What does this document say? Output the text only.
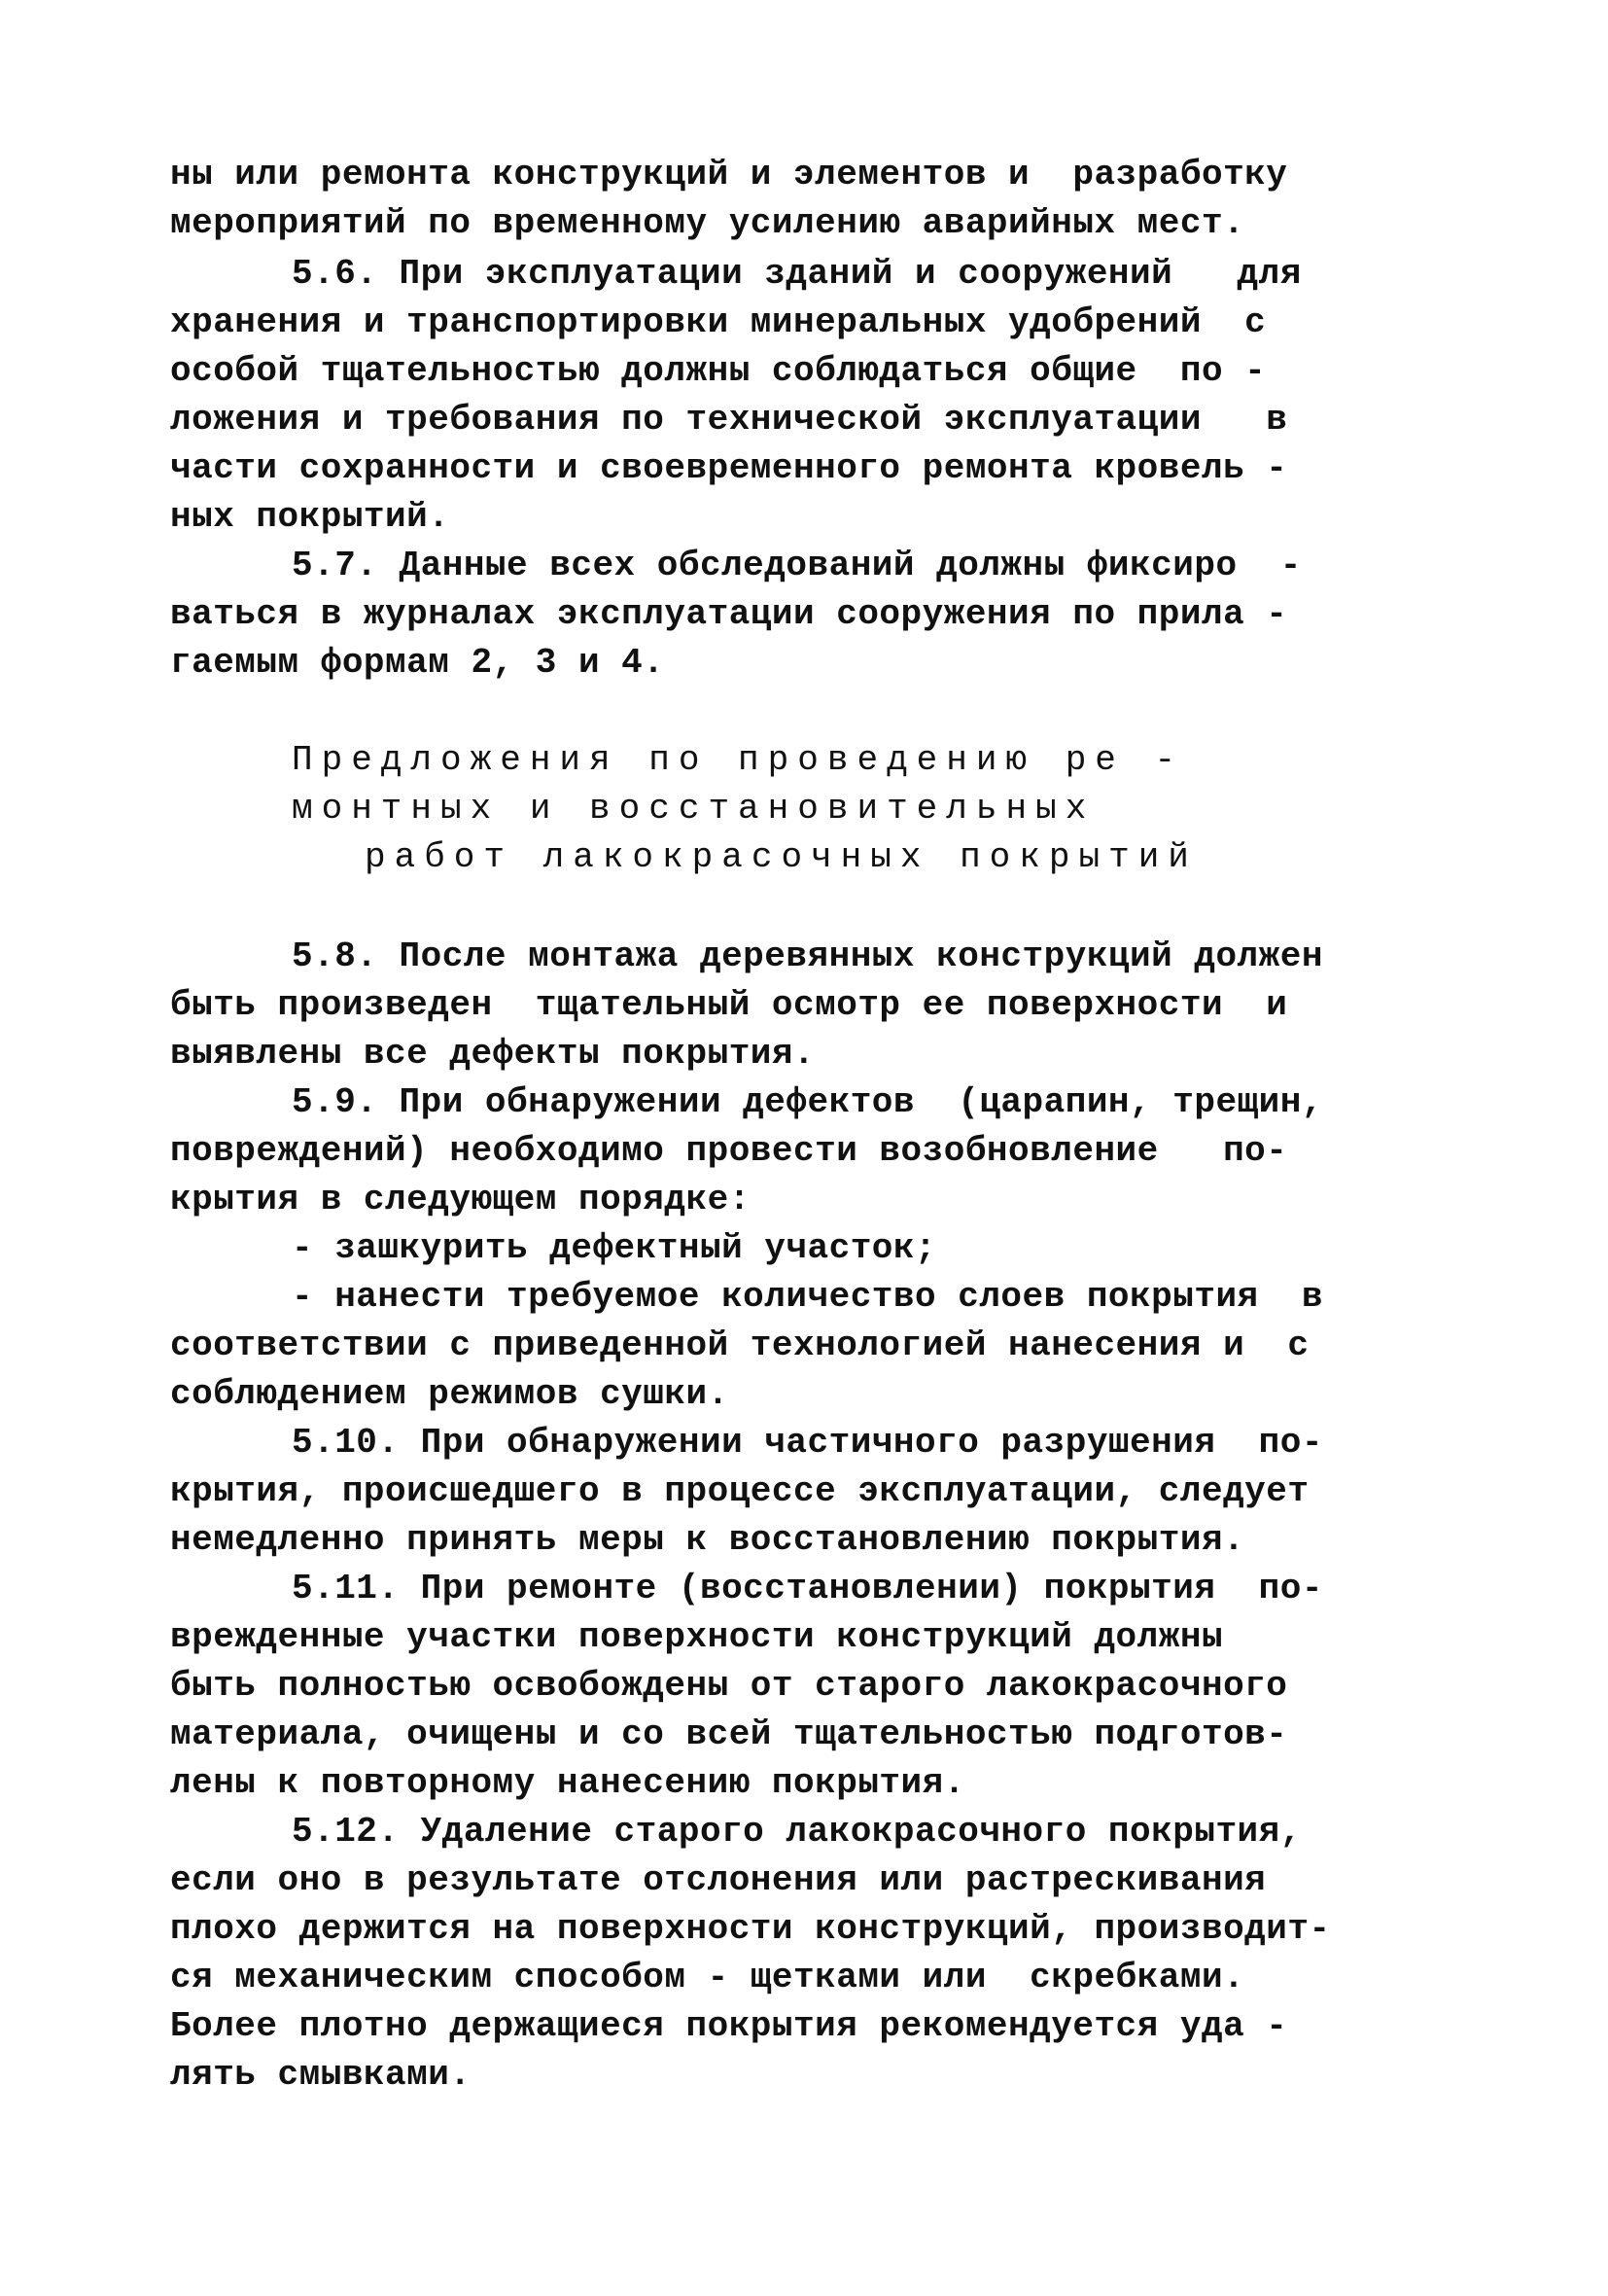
ны или ремонта конструкций и элементов и  разработку
мероприятий по временному усилению аварийных мест.
5.6. При эксплуатации зданий и сооружений   для
хранения и транспортировки минеральных удобрений  с
особой тщательностью должны соблюдаться общие  по -
ложения и требования по технической эксплуатации   в
части сохранности и своевременного ремонта кровель -
ных покрытий.
5.7. Данные всех обследований должны фиксиро  -
ваться в журналах эксплуатации сооружения по прила -
гаемым формам 2, 3 и 4.
Предложения по проведению ре -
монтных и восстановительных
работ лакокрасочных покрытий
5.8. После монтажа деревянных конструкций должен
быть произведен  тщательный осмотр ее поверхности  и
выявлены все дефекты покрытия.
5.9. При обнаружении дефектов  (царапин, трещин,
повреждений) необходимо провести возобновление   по-
крытия в следующем порядке:
- зашкурить дефектный участок;
- нанести требуемое количество слоев покрытия  в
соответствии с приведенной технологией нанесения и  с
соблюдением режимов сушки.
5.10. При обнаружении частичного разрушения  по-
крытия, происшедшего в процессе эксплуатации, следует
немедленно принять меры к восстановлению покрытия.
5.11. При ремонте (восстановлении) покрытия  по-
врежденные участки поверхности конструкций должны
быть полностью освобождены от старого лакокрасочного
материала, очищены и со всей тщательностью подготов-
лены к повторному нанесению покрытия.
5.12. Удаление старого лакокрасочного покрытия,
если оно в результате отслонения или растрескивания
плохо держится на поверхности конструкций, производит-
ся механическим способом - щетками или  скребками.
Более плотно держащиеся покрытия рекомендуется уда -
лять смывками.
